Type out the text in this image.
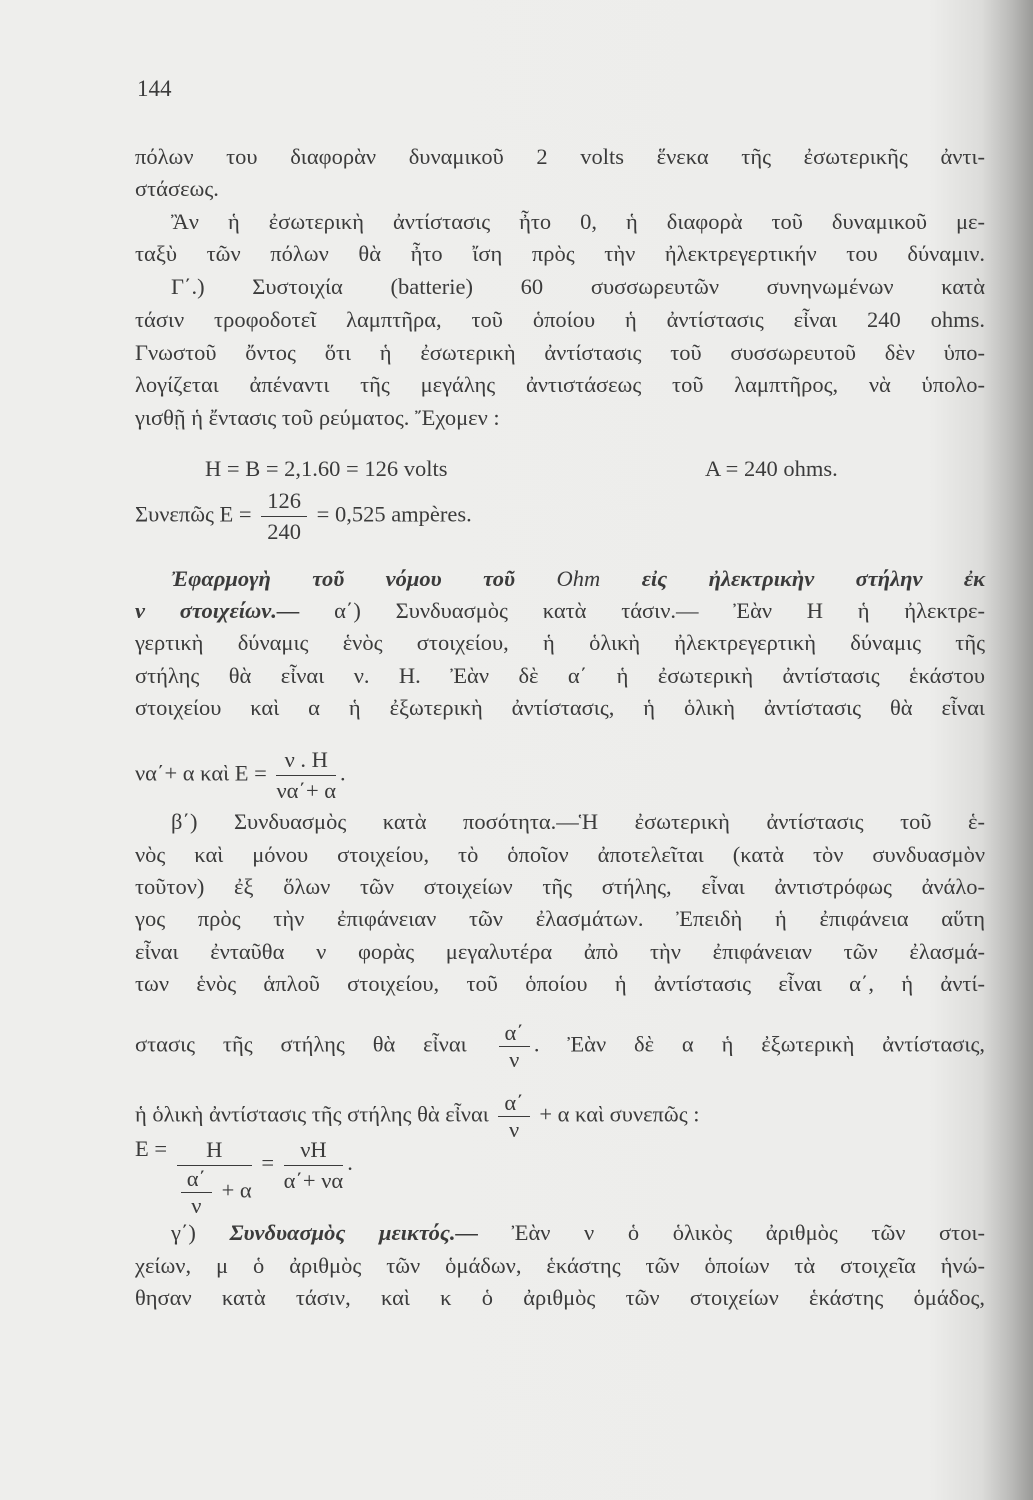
144
πόλων του διαφορὰν δυναμικοῦ 2 volts ἕνεκα τῆς ἐσωτερικῆς ἀντι-
στάσεως.
Ἂν ἡ ἐσωτερικὴ ἀντίστασις ἦτο 0, ἡ διαφορὰ τοῦ δυναμικοῦ με-
ταξὺ τῶν πόλων θὰ ἦτο ἴση πρὸς τὴν ἠλεκτρεγερτικήν του δύναμιν.
Γ΄.) Συστοιχία (batterie) 60 συσσωρευτῶν συνηνωμένων κατὰ
τάσιν τροφοδοτεῖ λαμπτῆρα, τοῦ ὁποίου ἡ ἀντίστασις εἶναι 240 ohms.
Γνωστοῦ ὄντος ὅτι ἡ ἐσωτερικὴ ἀντίστασις τοῦ συσσωρευτοῦ δὲν ὑπο-
λογίζεται ἀπέναντι τῆς μεγάλης ἀντιστάσεως τοῦ λαμπτῆρος, νὰ ὑπολο-
γισθῇ ἡ ἔντασις τοῦ ρεύματος. Ἔχομεν :
H = B = 2,1.60 = 126 volts	A = 240 ohms.
Συνεπῶς $E = \frac{126}{240} = 0,525$ ampères.
Ἐφαρμογὴ τοῦ νόμου τοῦ Ohm εἰς ἠλεκτρικὴν στήλην ἐκ
ν στοιχείων.— α΄) Συνδυασμὸς κατὰ τάσιν.— Ἐὰν H ἡ ἠλεκτρε-
γερτικὴ δύναμις ἑνὸς στοιχείου, ἡ ὁλικὴ ἠλεκτρεγερτικὴ δύναμις τῆς
στήλης θὰ εἶναι ν. H. Ἐὰν δὲ α΄ ἡ ἐσωτερικὴ ἀντίστασις ἑκάστου
στοιχείου καὶ α ἡ ἐξωτερικὴ ἀντίστασις, ἡ ὁλικὴ ἀντίστασις θὰ εἶναι
να΄+ α καὶ $E = \frac{\nu . H}{\nu\alpha΄+ \alpha}$ .
β΄) Συνδυασμὸς κατὰ ποσότητα.—Ἡ ἐσωτερικὴ ἀντίστασις τοῦ ἑ-
νὸς καὶ μόνου στοιχείου, τὸ ὁποῖον ἀποτελεῖται (κατὰ τὸν συνδυασμὸν
τοῦτον) ἐξ ὅλων τῶν στοιχείων τῆς στήλης, εἶναι ἀντιστρόφως ἀνάλο-
γος πρὸς τὴν ἐπιφάνειαν τῶν ἐλασμάτων. Ἐπειδὴ ἡ ἐπιφάνεια αὕτη
εἶναι ἐνταῦθα ν φορὰς μεγαλυτέρα ἀπὸ τὴν ἐπιφάνειαν τῶν ἐλασμά-
των ἑνὸς ἁπλοῦ στοιχείου, τοῦ ὁποίου ἡ ἀντίστασις εἶναι α΄, ἡ ἀντί-
στασις τῆς στήλης θὰ εἶναι $\frac{\alpha΄}{\nu}$ . Ἐὰν δὲ α ἡ ἐξωτερικὴ ἀντίστασις,
ἡ ὁλικὴ ἀντίστασις τῆς στήλης θὰ εἶναι $\frac{\alpha΄}{\nu} + \alpha$ καὶ συνεπῶς :
$E = \frac{H}{\frac{\alpha΄}{\nu} + \alpha} = \frac{\nu H}{\alpha΄+ \nu\alpha}$ .
γ΄) Συνδυασμὸς μεικτός.— Ἐὰν ν ὁ ὁλικὸς ἀριθμὸς τῶν στοι-
χείων, μ ὁ ἀριθμὸς τῶν ὁμάδων, ἑκάστης τῶν ὁποίων τὰ στοιχεῖα ἡνώ-
θησαν κατὰ τάσιν, καὶ κ ὁ ἀριθμὸς τῶν στοιχείων ἑκάστης ὁμάδος,
